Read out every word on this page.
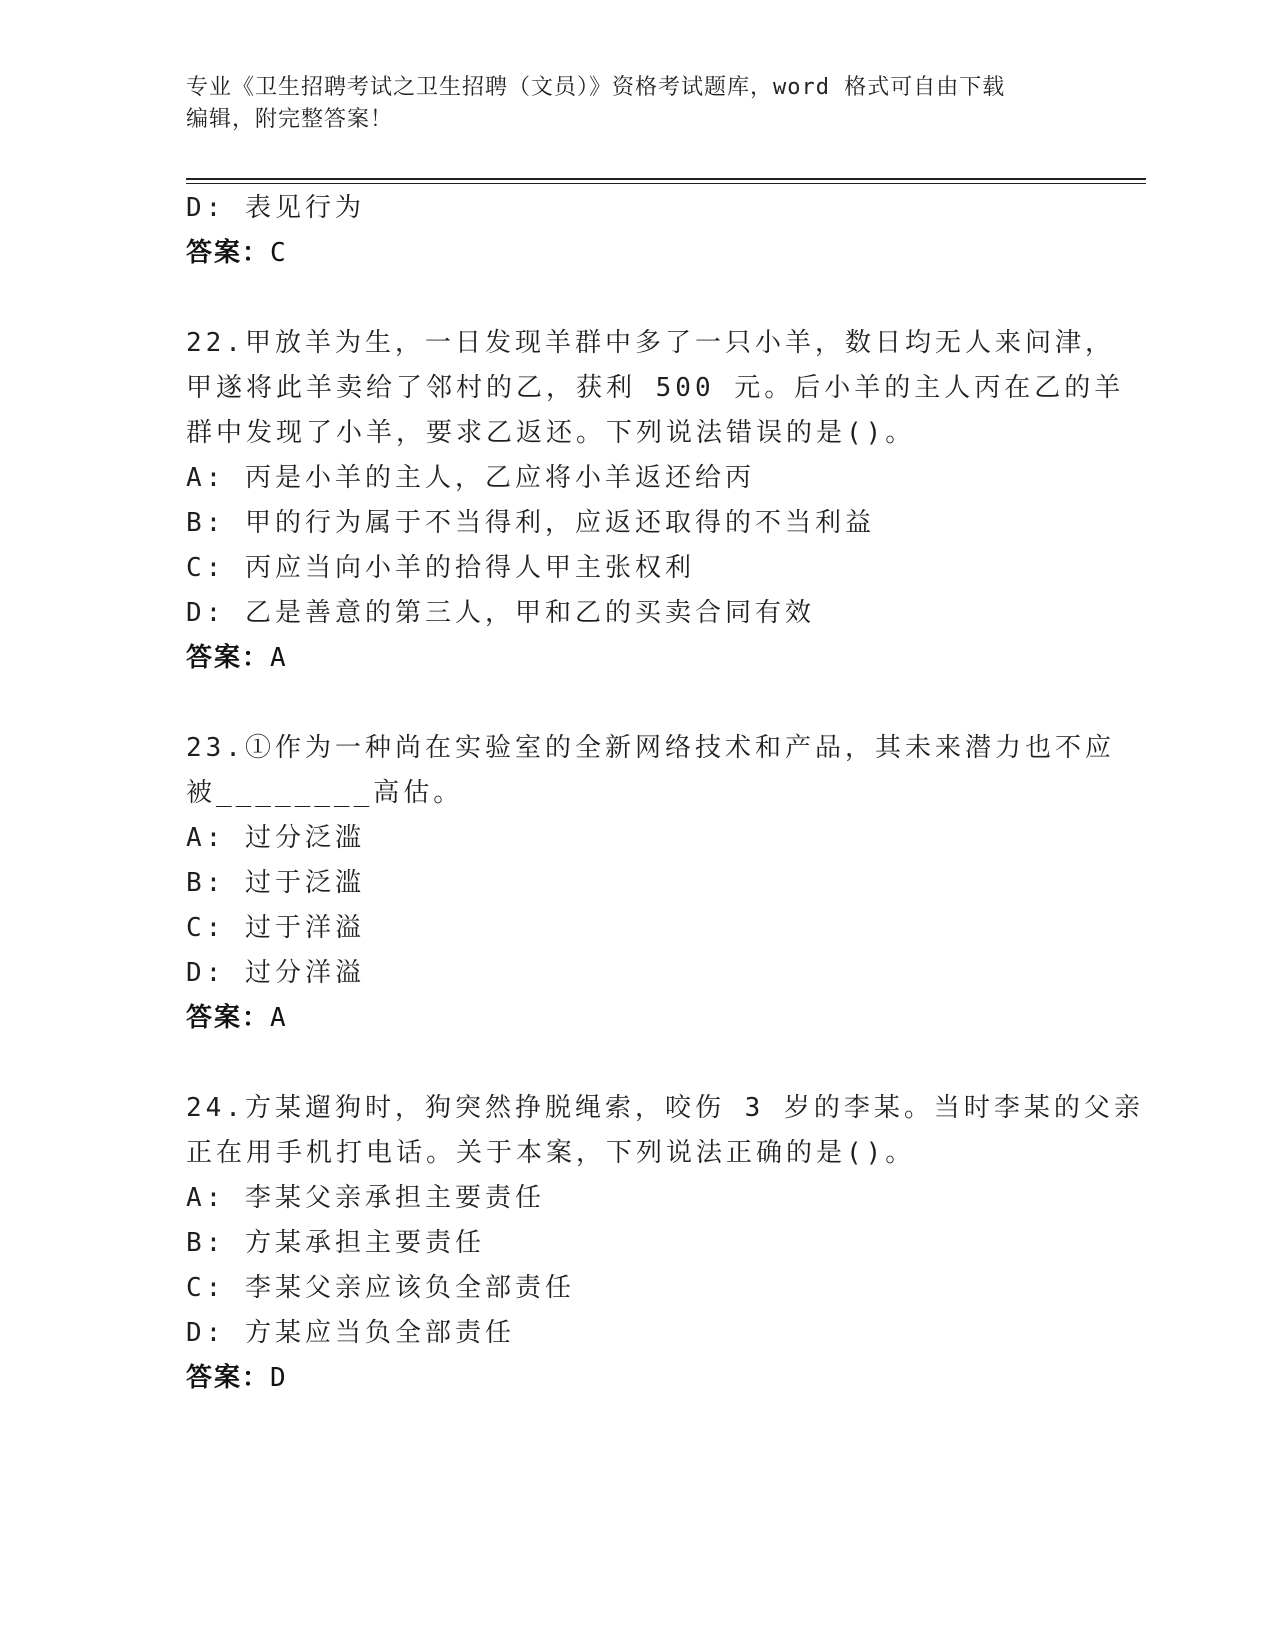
专业《卫生招聘考试之卫生招聘（文员）》资格考试题库，word 格式可自由下载
编辑，附完整答案！
D: 表见行为
答案：C
22.甲放羊为生，一日发现羊群中多了一只小羊，数日均无人来问津，
甲遂将此羊卖给了邻村的乙，获利 500 元。后小羊的主人丙在乙的羊
群中发现了小羊，要求乙返还。下列说法错误的是()。
A: 丙是小羊的主人，乙应将小羊返还给丙
B: 甲的行为属于不当得利，应返还取得的不当利益
C: 丙应当向小羊的拾得人甲主张权利
D: 乙是善意的第三人，甲和乙的买卖合同有效
答案：A
23.①作为一种尚在实验室的全新网络技术和产品，其未来潜力也不应
被________高估。
A: 过分泛滥
B: 过于泛滥
C: 过于洋溢
D: 过分洋溢
答案：A
24.方某遛狗时，狗突然挣脱绳索，咬伤 3 岁的李某。当时李某的父亲
正在用手机打电话。关于本案，下列说法正确的是()。
A: 李某父亲承担主要责任
B: 方某承担主要责任
C: 李某父亲应该负全部责任
D: 方某应当负全部责任
答案：D
